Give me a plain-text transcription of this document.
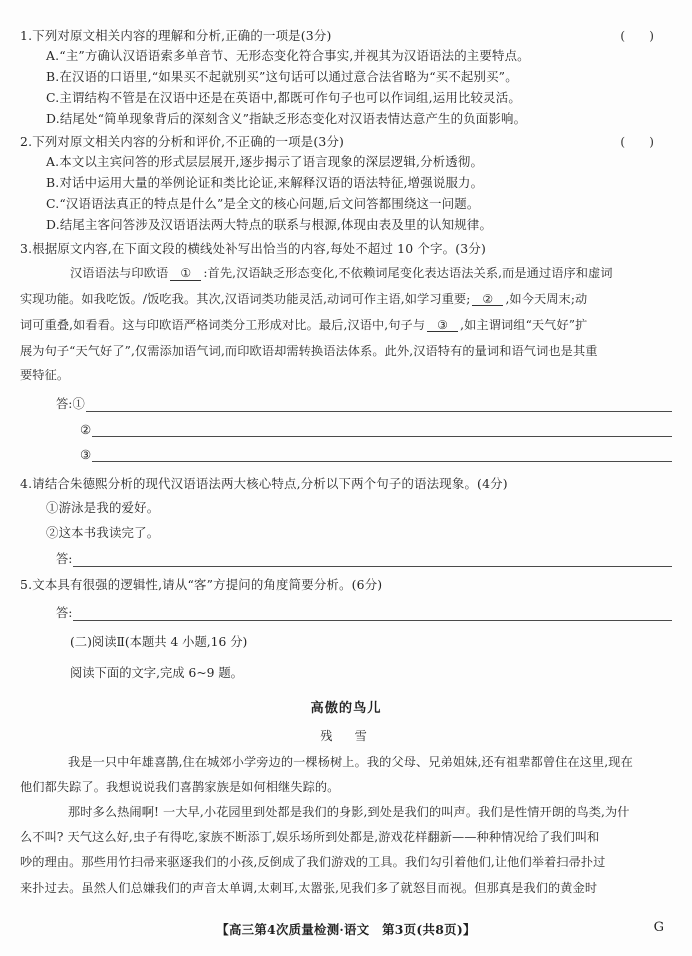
1.下列对原文相关内容的理解和分析,正确的一项是(3分)	( )
A.“主”方确认汉语语索多单音节、无形态变化符合事实,并视其为汉语语法的主要特点。
B.在汉语的口语里,“如果买不起就别买”这句话可以通过意合法省略为“买不起别买”。
C.主谓结构不管是在汉语中还是在英语中,都既可作句子也可以作词组,运用比较灵活。
D.结尾处“简单现象背后的深刻含义”指缺乏形态变化对汉语表情达意产生的负面影响。
2.下列对原文相关内容的分析和评价,不正确的一项是(3分)	( )
A.本文以主宾问答的形式层层展开,逐步揭示了语言现象的深层逻辑,分析透彻。
B.对话中运用大量的举例论证和类比论证,来解释汉语的语法特征,增强说服力。
C.“汉语语法真正的特点是什么”是全文的核心问题,后文问答都围绕这一问题。
D.结尾主客问答涉及汉语语法两大特点的联系与根源,体现由表及里的认知规律。
3.根据原文内容,在下面文段的横线处补写出恰当的内容,每处不超过 10 个字。(3分)
汉语语法与印欧语 ① :首先,汉语缺乏形态变化,不依赖词尾变化表达语法关系,而是通过语序和虚词
实现功能。如我吃饭。/饭吃我。其次,汉语词类功能灵活,动词可作主语,如学习重要; ② ,如今天周末;动
词可重叠,如看看。这与印欧语严格词类分工形成对比。最后,汉语中,句子与 ③ ,如主谓词组“天气好”扩
展为句子“天气好了”,仅需添加语气词,而印欧语却需转换语法体系。此外,汉语特有的量词和语气词也是其重
要特征。
答:①
②
③
4.请结合朱德熙分析的现代汉语语法两大核心特点,分析以下两个句子的语法现象。(4分)
①游泳是我的爱好。
②这本书我读完了。
答:
5.文本具有很强的逻辑性,请从“客”方提问的角度简要分析。(6分)
答:
(二)阅读Ⅱ(本题共 4 小题,16 分)
阅读下面的文字,完成 6~9 题。
高傲的鸟儿
残　雪
我是一只中年雄喜鹊,住在城郊小学旁边的一棵杨树上。我的父母、兄弟姐妹,还有祖辈都曾住在这里,现在
他们都失踪了。我想说说我们喜鹊家族是如何相继失踪的。
那时多么热闹啊! 一大早,小花园里到处都是我们的身影,到处是我们的叫声。我们是性情开朗的鸟类,为什
么不叫? 天气这么好,虫子有得吃,家族不断添丁,娱乐场所到处都是,游戏花样翻新——种种情况给了我们叫和
吵的理由。那些用竹扫帚来驱逐我们的小孩,反倒成了我们游戏的工具。我们勾引着他们,让他们举着扫帚扑过
来扑过去。虽然人们总嫌我们的声音太单调,太刺耳,太嚣张,见我们多了就怒目而视。但那真是我们的黄金时
【高三第4次质量检测·语文　第3页(共8页)】	G
